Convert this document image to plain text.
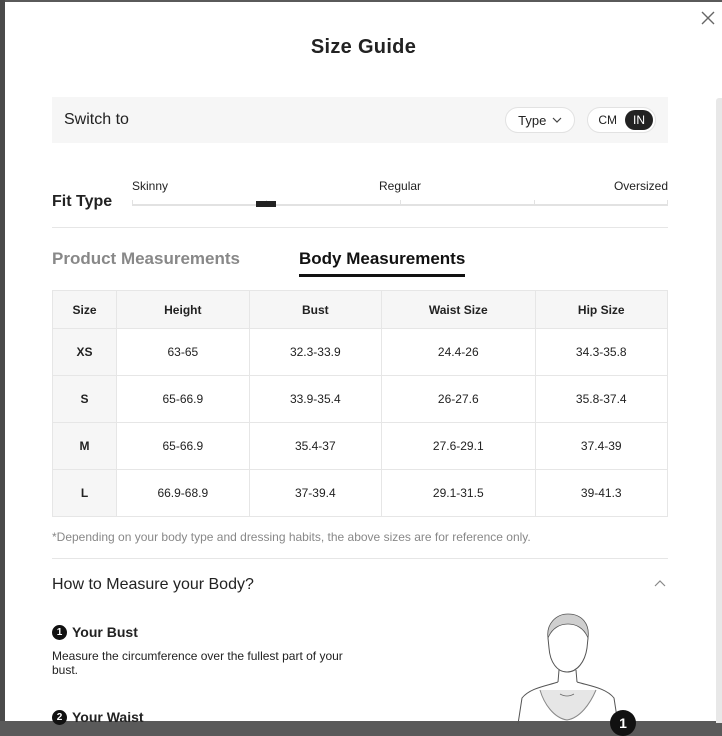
Size Guide
Switch to	Type	CM	IN
Fit Type
Skinny	Regular	Oversized
Product Measurements	Body Measurements
Size	Height	Bust	Waist Size	Hip Size
XS	63-65	32.3-33.9	24.4-26	34.3-35.8
S	65-66.9	33.9-35.4	26-27.6	35.8-37.4
M	65-66.9	35.4-37	27.6-29.1	37.4-39
L	66.9-68.9	37-39.4	29.1-31.5	39-41.3
*Depending on your body type and dressing habits, the above sizes are for reference only.
How to Measure your Body?
1 Your Bust
Measure the circumference over the fullest part of your bust.
2 Your Waist	1
